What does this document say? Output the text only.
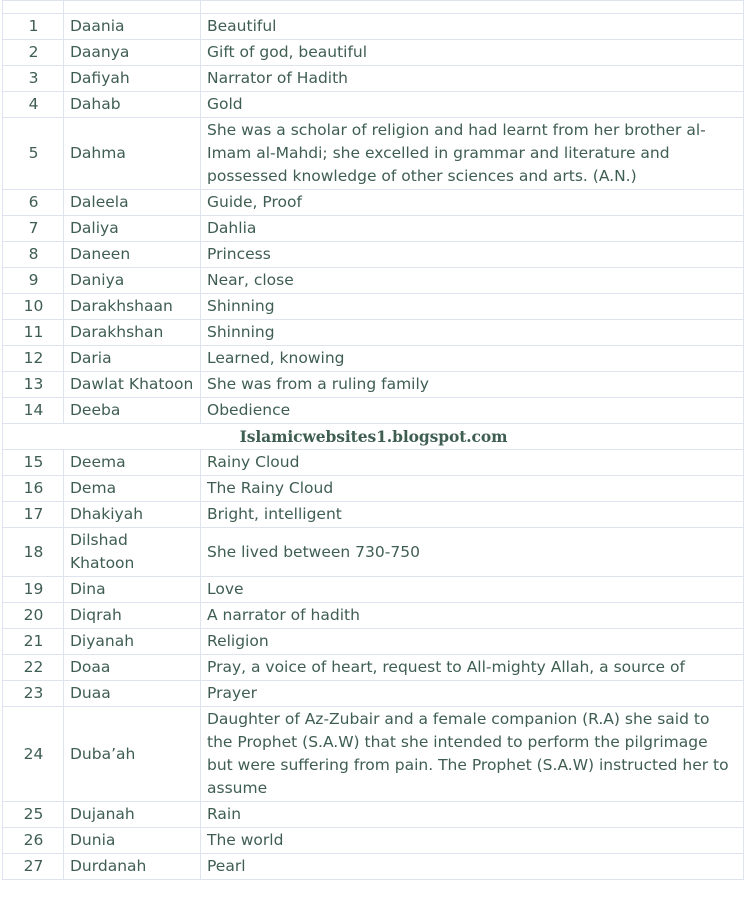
1	Daania	Beautiful
2	Daanya	Gift of god, beautiful
3	Dafiyah	Narrator of Hadith
4	Dahab	Gold
5	Dahma	She was a scholar of religion and had learnt from her brother al-Imam al-Mahdi; she excelled in grammar and literature and possessed knowledge of other sciences and arts. (A.N.)
6	Daleela	Guide, Proof
7	Daliya	Dahlia
8	Daneen	Princess
9	Daniya	Near, close
10	Darakhshaan	Shinning
11	Darakhshan	Shinning
12	Daria	Learned, knowing
13	Dawlat Khatoon	She was from a ruling family
14	Deeba	Obedience
Islamicwebsites1.blogspot.com		
15	Deema	Rainy Cloud
16	Dema	The Rainy Cloud
17	Dhakiyah	Bright, intelligent
18	Dilshad Khatoon	She lived between 730-750
19	Dina	Love
20	Diqrah	A narrator of hadith
21	Diyanah	Religion
22	Doaa	Pray, a voice of heart, request to All-mighty Allah, a source of
23	Duaa	Prayer
24	Duba’ah	Daughter of Az-Zubair and a female companion (R.A) she said to the Prophet (S.A.W) that she intended to perform the pilgrimage but were suffering from pain. The Prophet (S.A.W) instructed her to assume
25	Dujanah	Rain
26	Dunia	The world
27	Durdanah	Pearl
